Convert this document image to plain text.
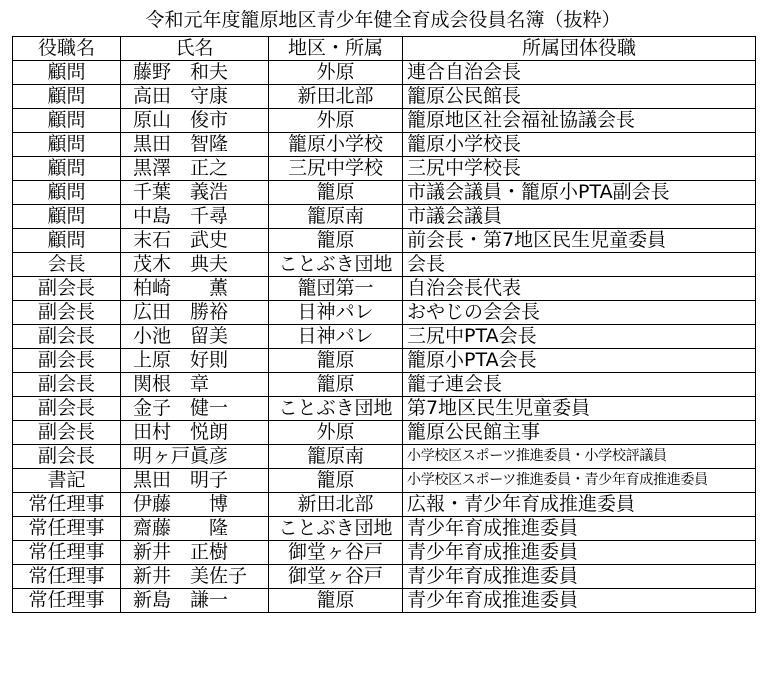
令和元年度籠原地区青少年健全育成会役員名簿（抜粋）
役職名	氏名	地区・所属	所属団体役職
顧問	藤野　和夫	外原	連合自治会長
顧問	高田　守康	新田北部	籠原公民館長
顧問	原山　俊市	外原	籠原地区社会福祉協議会長
顧問	黒田　智隆	籠原小学校	籠原小学校長
顧問	黒澤　正之	三尻中学校	三尻中学校長
顧問	千葉　義浩	籠原	市議会議員・籠原小PTA副会長
顧問	中島　千尋	籠原南	市議会議員
顧問	末石　武史	籠原	前会長・第7地区民生児童委員
会長	茂木　典夫	ことぶき団地	会長
副会長	柏崎　　薫	籠団第一	自治会長代表
副会長	広田　勝裕	日神パレ	おやじの会会長
副会長	小池　留美	日神パレ	三尻中PTA会長
副会長	上原　好則	籠原	籠原小PTA会長
副会長	関根　章	籠原	籠子連会長
副会長	金子　健一	ことぶき団地	第7地区民生児童委員
副会長	田村　悦朗	外原	籠原公民館主事
副会長	明ヶ戸眞彦	籠原南	小学校区スポーツ推進委員・小学校評議員
書記	黒田　明子	籠原	小学校区スポーツ推進委員・青少年育成推進委員
常任理事	伊藤　　博	新田北部	広報・青少年育成推進委員
常任理事	齋藤　　隆	ことぶき団地	青少年育成推進委員
常任理事	新井　正樹	御堂ヶ谷戸	青少年育成推進委員
常任理事	新井　美佐子	御堂ヶ谷戸	青少年育成推進委員
常任理事	新島　謙一	籠原	青少年育成推進委員
